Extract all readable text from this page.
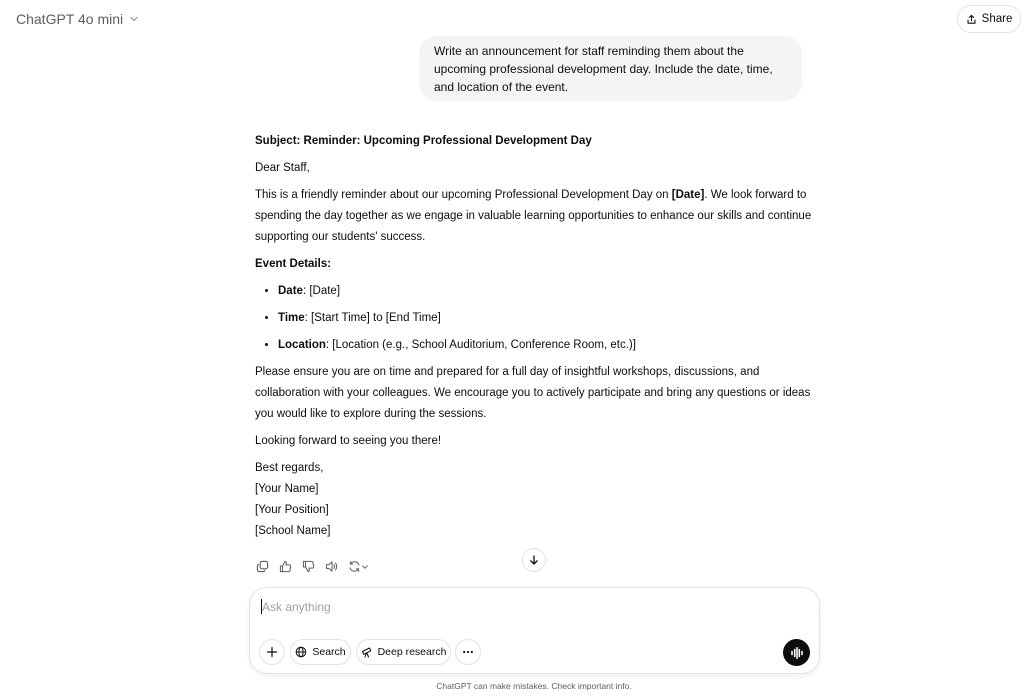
ChatGPT 4o mini	Share
Write an announcement for staff reminding them about the upcoming professional development day. Include the date, time, and location of the event.

Subject: Reminder: Upcoming Professional Development Day

Dear Staff,

This is a friendly reminder about our upcoming Professional Development Day on [Date]. We look forward to spending the day together as we engage in valuable learning opportunities to enhance our skills and continue supporting our students' success.

Event Details:

• Date: [Date]
• Time: [Start Time] to [End Time]
• Location: [Location (e.g., School Auditorium, Conference Room, etc.)]

Please ensure you are on time and prepared for a full day of insightful workshops, discussions, and collaboration with your colleagues. We encourage you to actively participate and bring any questions or ideas you would like to explore during the sessions.

Looking forward to seeing you there!

Best regards,
[Your Name]
[Your Position]
[School Name]
Ask anything
Search	Deep research
ChatGPT can make mistakes. Check important info.
